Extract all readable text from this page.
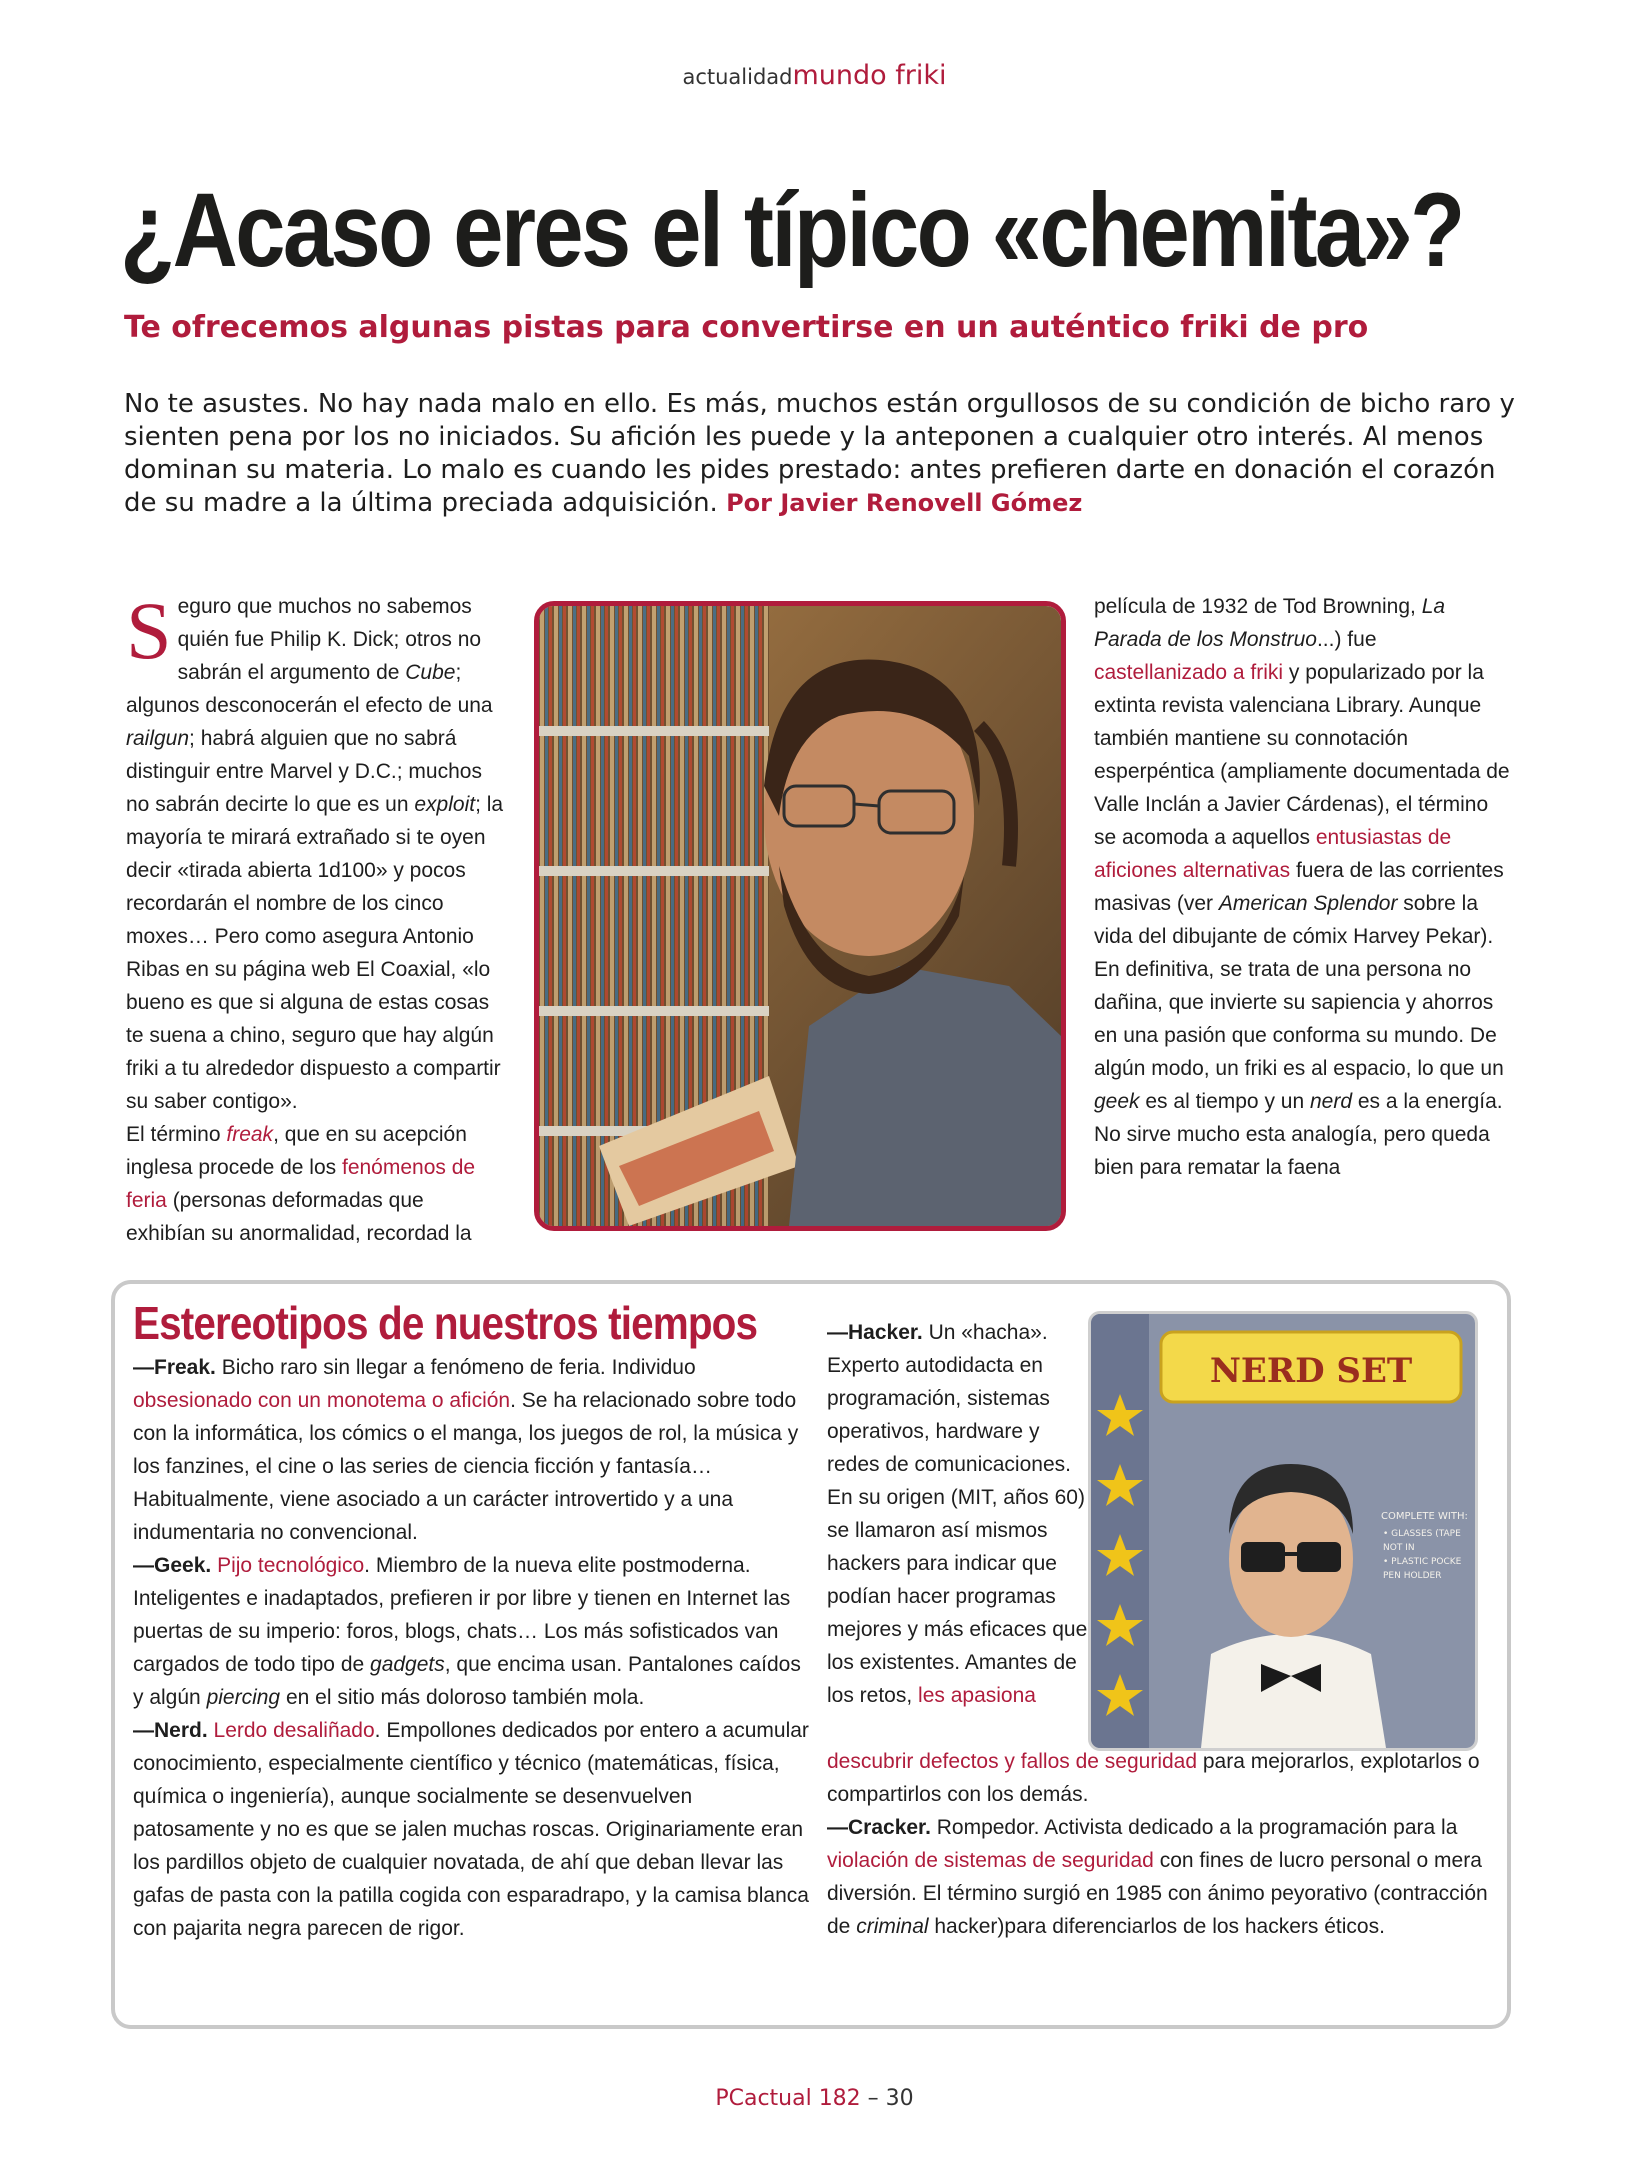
actualidadmundo friki
¿Acaso eres el típico «chemita»?
Te ofrecemos algunas pistas para convertirse en un auténtico friki de pro

No te asustes. No hay nada malo en ello. Es más, muchos están orgullosos de su condición de bicho raro y sienten pena por los no iniciados. Su afición les puede y la anteponen a cualquier otro interés. Al menos dominan su materia. Lo malo es cuando les pides prestado: antes prefieren darte en donación el corazón de su madre a la última preciada adquisición. Por Javier Renovell Gómez

Seguro que muchos no sabemos quién fue Philip K. Dick; otros no sabrán el argumento de Cube; algunos desconocerán el efecto de una railgun; habrá alguien que no sabrá distinguir entre Marvel y D.C.; muchos no sabrán decirte lo que es un exploit; la mayoría te mirará extrañado si te oyen decir «tirada abierta 1d100» y pocos recordarán el nombre de los cinco moxes… Pero como asegura Antonio Ribas en su página web El Coaxial, «lo bueno es que si alguna de estas cosas te suena a chino, seguro que hay algún friki a tu alrededor dispuesto a compartir su saber contigo».

El término freak, que en su acepción inglesa procede de los fenómenos de feria (personas deformadas que exhibían su anormalidad, recordad la

película de 1932 de Tod Browning, La Parada de los Monstruo...) fue castellanizado a friki y popularizado por la extinta revista valenciana Library. Aunque también mantiene su connotación esperpéntica (ampliamente documentada de Valle Inclán a Javier Cárdenas), el término se acomoda a aquellos entusiastas de aficiones alternativas fuera de las corrientes masivas (ver American Splendor sobre la vida del dibujante de cómix Harvey Pekar).

En definitiva, se trata de una persona no dañina, que invierte su sapiencia y ahorros en una pasión que conforma su mundo. De algún modo, un friki es al espacio, lo que un geek es al tiempo y un nerd es a la energía. No sirve mucho esta analogía, pero queda bien para rematar la faena

Estereotipos de nuestros tiempos

—Freak. Bicho raro sin llegar a fenómeno de feria. Individuo obsesionado con un monotema o afición. Se ha relacionado sobre todo con la informática, los cómics o el manga, los juegos de rol, la música y los fanzines, el cine o las series de ciencia ficción y fantasía… Habitualmente, viene asociado a un carácter introvertido y a una indumentaria no convencional.

—Geek. Pijo tecnológico. Miembro de la nueva elite postmoderna. Inteligentes e inadaptados, prefieren ir por libre y tienen en Internet las puertas de su imperio: foros, blogs, chats… Los más sofisticados van cargados de todo tipo de gadgets, que encima usan. Pantalones caídos y algún piercing en el sitio más doloroso también mola.

—Nerd. Lerdo desaliñado. Empollones dedicados por entero a acumular conocimiento, especialmente científico y técnico (matemáticas, física, química o ingeniería), aunque socialmente se desenvuelven patosamente y no es que se jalen muchas roscas. Originariamente eran los pardillos objeto de cualquier novatada, de ahí que deban llevar las gafas de pasta con la patilla cogida con esparadrapo, y la camisa blanca con pajarita negra parecen de rigor.

—Hacker. Un «hacha». Experto autodidacta en programación, sistemas operativos, hardware y redes de comunicaciones. En su origen (MIT, años 60) se llamaron así mismos hackers para indicar que podían hacer programas mejores y más eficaces que los existentes. Amantes de los retos, les apasiona

descubrir defectos y fallos de seguridad para mejorarlos, explotarlos o compartirlos con los demás.

—Cracker. Rompedor. Activista dedicado a la programación para la violación de sistemas de seguridad con fines de lucro personal o mera diversión. El término surgió en 1985 con ánimo peyorativo (contracción de criminal hacker)para diferenciarlos de los hackers éticos.

NERD SET
COMPLETE WITH:
• GLASSES (TAPE
NOT IN
• PLASTIC POCKE
PEN HOLDER
PCactual 182 – 30
